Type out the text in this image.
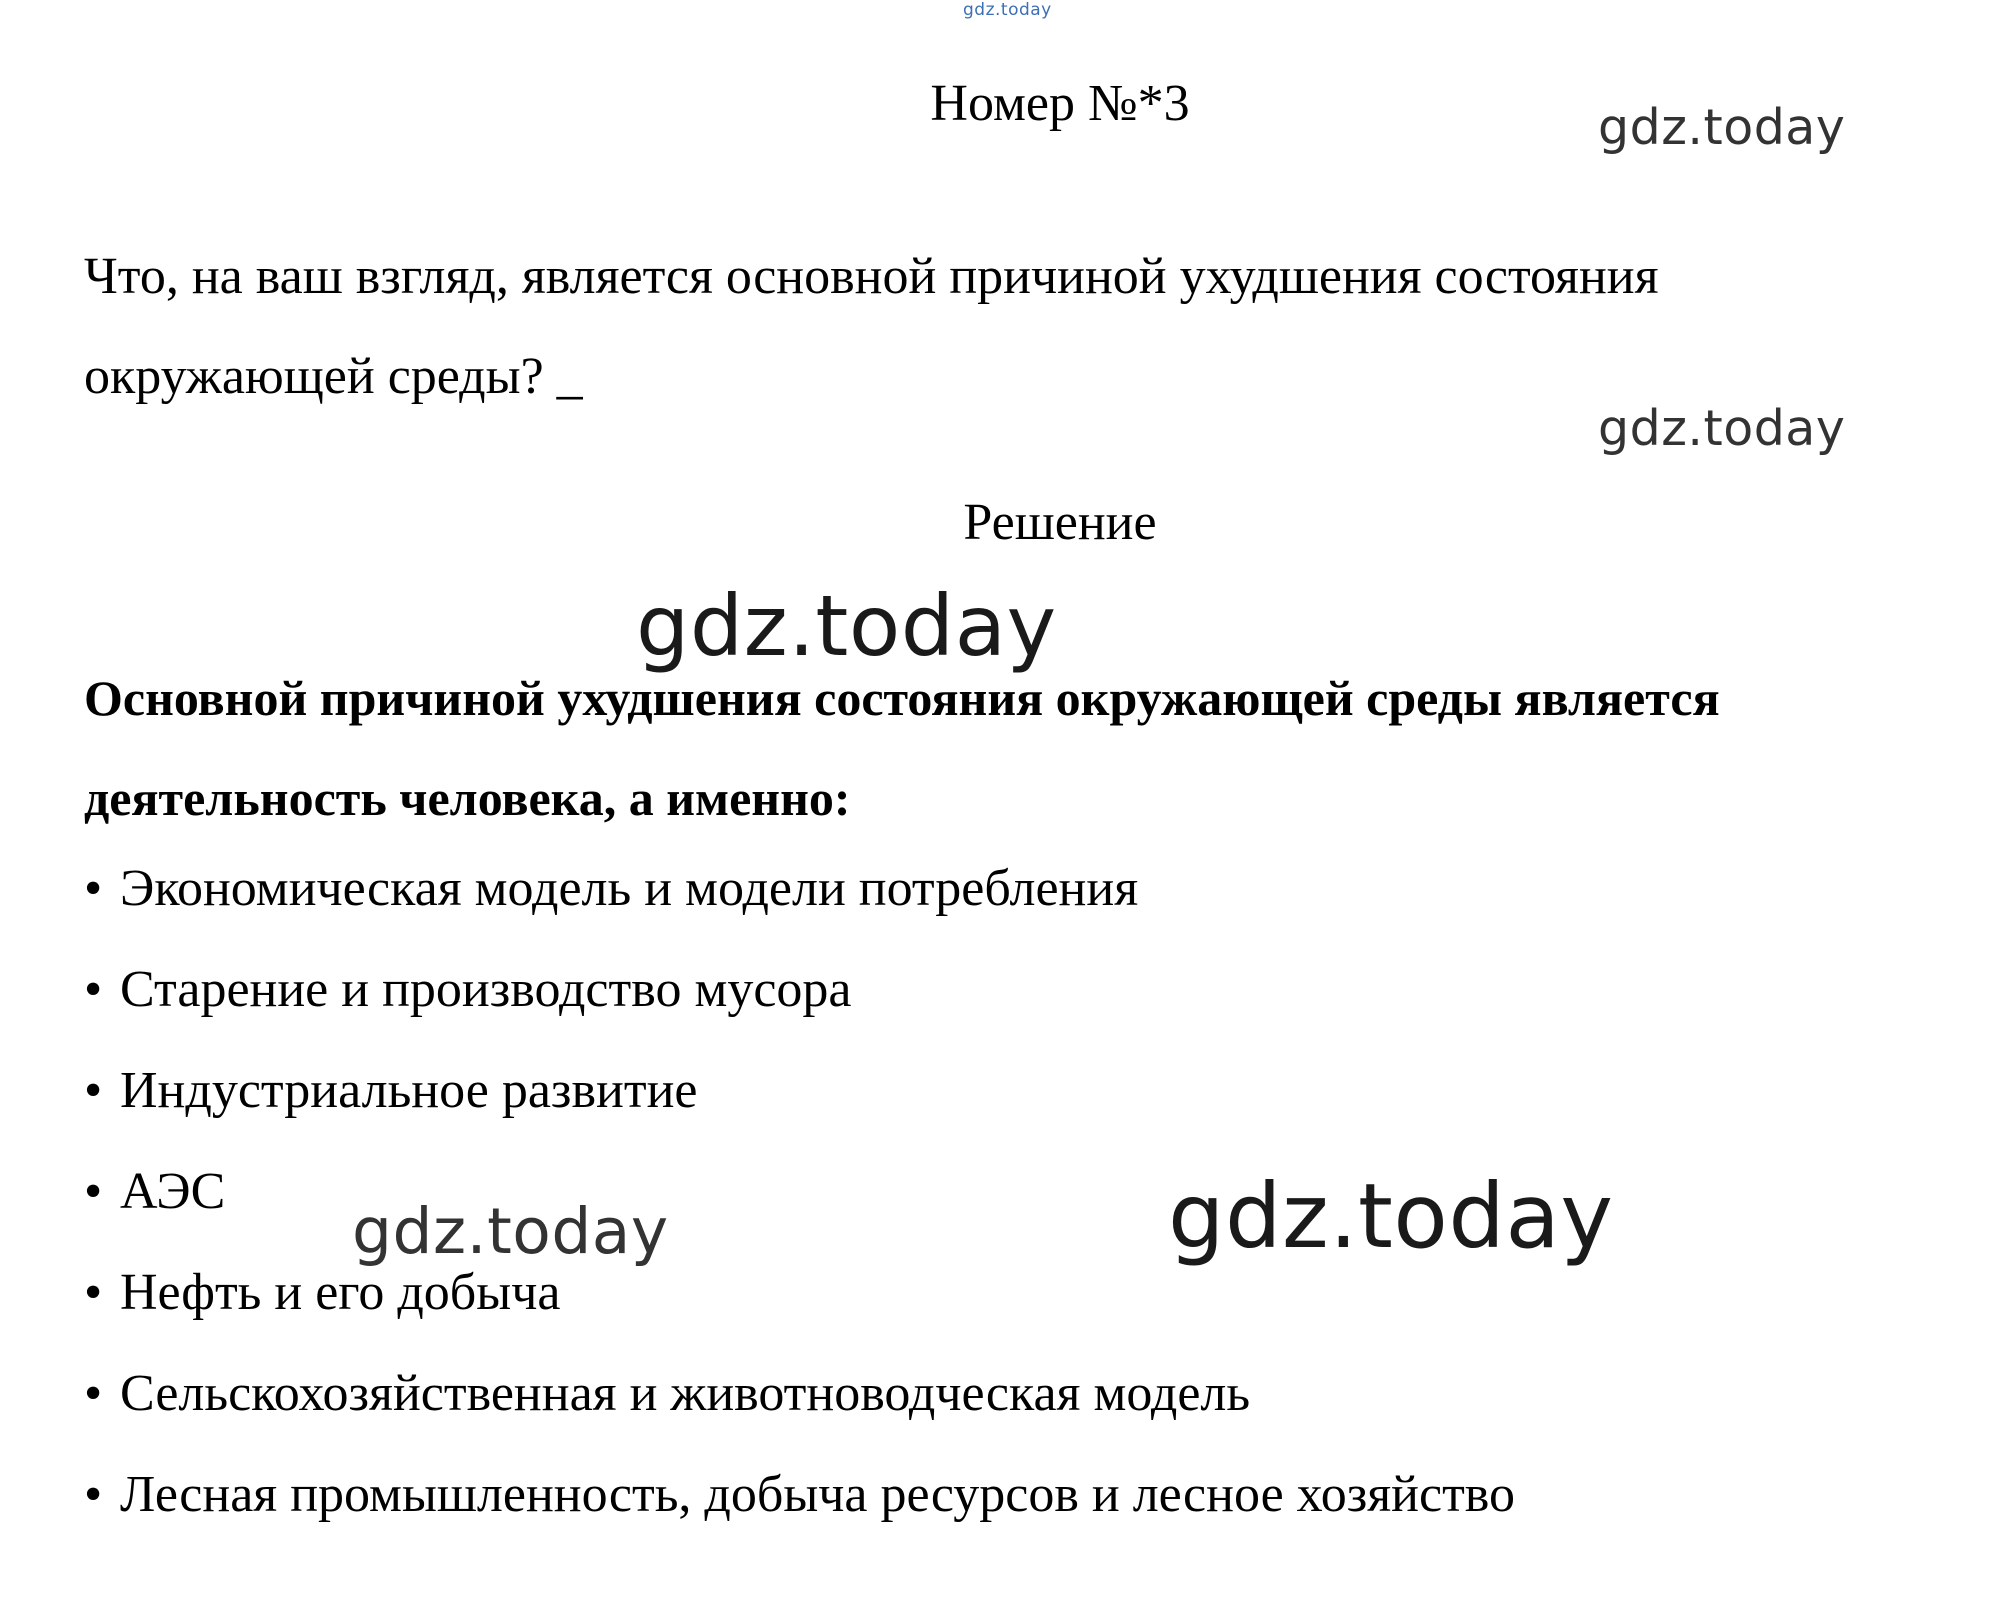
gdz.today
Номер №*3	gdz.today

Что, на ваш взгляд, является основной причиной ухудшения состояния окружающей среды? _

gdz.today
Решение

Основной причиной ухудшения состояния окружающей среды является деятельность человека, а именно:

• Экономическая модель и модели потребления
• Старение и производство мусора
• Индустриальное развитие
• АЭС
• Нефть и его добыча
• Сельскохозяйственная и животноводческая модель
• Лесная промышленность, добыча ресурсов и лесное хозяйство
gdz.today
gdz.today	gdz.today
